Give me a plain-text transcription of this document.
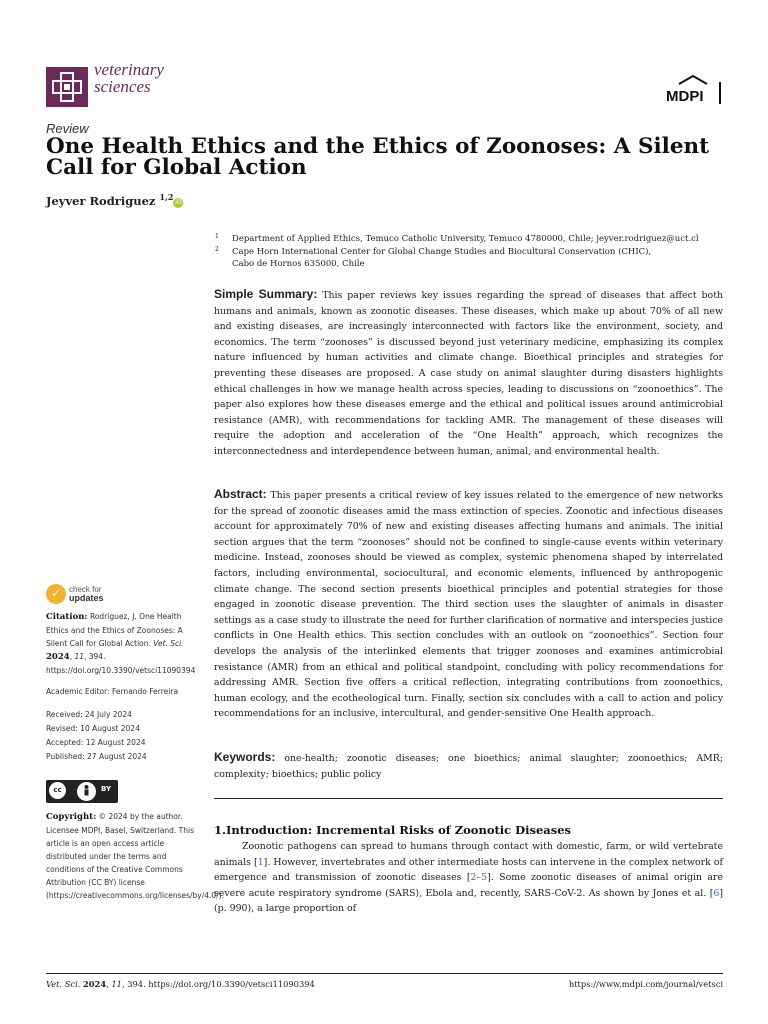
veterinary
sciences
MDPI
Review
One Health Ethics and the Ethics of Zoonoses: A Silent Call for Global Action
Jeyver Rodriguez $^{1,2}$iD
1 Department of Applied Ethics, Temuco Catholic University, Temuco 4780000, Chile; jeyver.rodriguez@uct.cl
2 Cape Horn International Center for Global Change Studies and Biocultural Conservation (CHIC),
Cabo de Hornos 635000, Chile

Simple Summary: This paper reviews key issues regarding the spread of diseases that affect both humans and animals, known as zoonotic diseases. These diseases, which make up about 70% of all new and existing diseases, are increasingly interconnected with factors like the environment, society, and economics. The term “zoonoses” is discussed beyond just veterinary medicine, emphasizing its complex nature influenced by human activities and climate change. Bioethical principles and strategies for preventing these diseases are proposed. A case study on animal slaughter during disasters highlights ethical challenges in how we manage health across species, leading to discussions on “zoonoethics”. The paper also explores how these diseases emerge and the ethical and political issues around antimicrobial resistance (AMR), with recommendations for tackling AMR. The management of these diseases will require the adoption and acceleration of the “One Health” approach, which recognizes the interconnectedness and interdependence between human, animal, and environmental health.

Abstract: This paper presents a critical review of key issues related to the emergence of new networks for the spread of zoonotic diseases amid the mass extinction of species. Zoonotic and infectious diseases account for approximately 70% of new and existing diseases affecting humans and animals. The initial section argues that the term “zoonoses” should not be confined to single-cause events within veterinary medicine. Instead, zoonoses should be viewed as complex, systemic phenomena shaped by interrelated factors, including environmental, sociocultural, and economic elements, influenced by anthropogenic climate change. The second section presents bioethical principles and potential strategies for those engaged in zoonotic disease prevention. The third section uses the slaughter of animals in disaster settings as a case study to illustrate the need for further clarification of normative and interspecies justice conflicts in One Health ethics. This section concludes with an outlook on “zoonoethics”. Section four develops the analysis of the interlinked elements that trigger zoonoses and examines antimicrobial resistance (AMR) from an ethical and political standpoint, concluding with policy recommendations for addressing AMR. Section five offers a critical reflection, integrating contributions from zoonoethics, human ecology, and the ecotheological turn. Finally, section six concludes with a call to action and policy recommendations for an inclusive, intercultural, and gender-sensitive One Health approach.

Keywords: one-health; zoonotic diseases; one bioethics; animal slaughter; zoonoethics; AMR; complexity; bioethics; public policy

1.Introduction: Incremental Risks of Zoonotic Diseases

Zoonotic pathogens can spread to humans through contact with domestic, farm, or wild vertebrate animals [1]. However, invertebrates and other intermediate hosts can intervene in the complex network of emergence and transmission of zoonotic diseases [2–5]. Some zoonotic diseases of animal origin are severe acute respiratory syndrome (SARS), Ebola and, recently, SARS-CoV-2. As shown by Jones et al. [6] (p. 990), a large proportion of

✓	check for
updates
Citation: Rodriguez, J. One Health Ethics and the Ethics of Zoonoses: A Silent Call for Global Action. Vet. Sci. 2024, 11, 394. https://doi.org/10.3390/vetsci11090394
Academic Editor: Fernando Ferreira
Received: 24 July 2024
Revised: 10 August 2024
Accepted: 12 August 2024
Published: 27 August 2024
cc	BY
Copyright: © 2024 by the author. Licensee MDPI, Basel, Switzerland. This article is an open access article distributed under the terms and conditions of the Creative Commons Attribution (CC BY) license (https://creativecommons.org/licenses/by/4.0/).
Vet. Sci. 2024, 11, 394. https://doi.org/10.3390/vetsci11090394	https://www.mdpi.com/journal/vetsci
